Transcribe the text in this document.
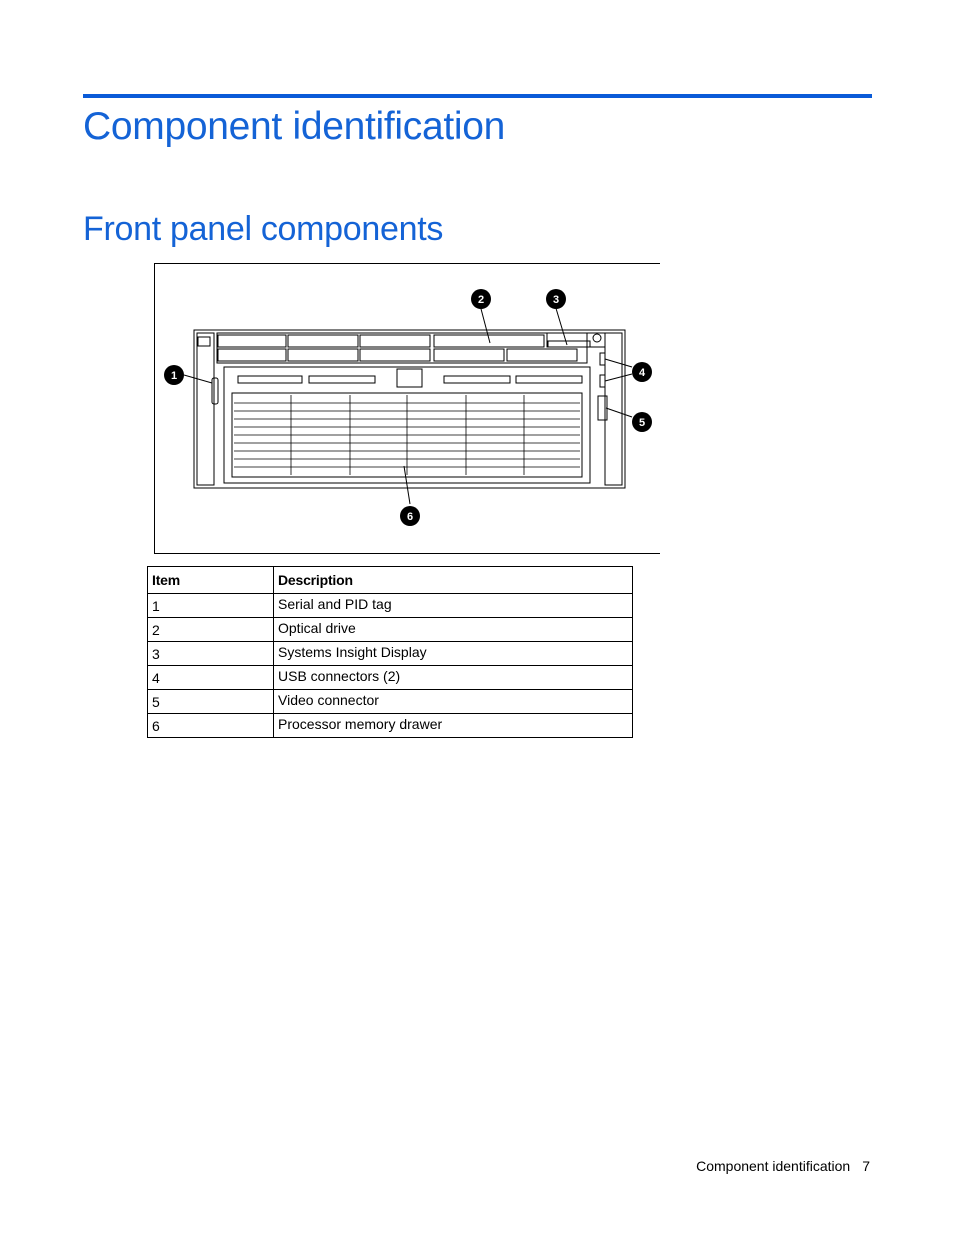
Component identification
Front panel components
1
2	3
4
5
6
Item	Description
1	Serial and PID tag
2	Optical drive
3	Systems Insight Display
4	USB connectors (2)
5	Video connector
6	Processor memory drawer
Component identification 7
